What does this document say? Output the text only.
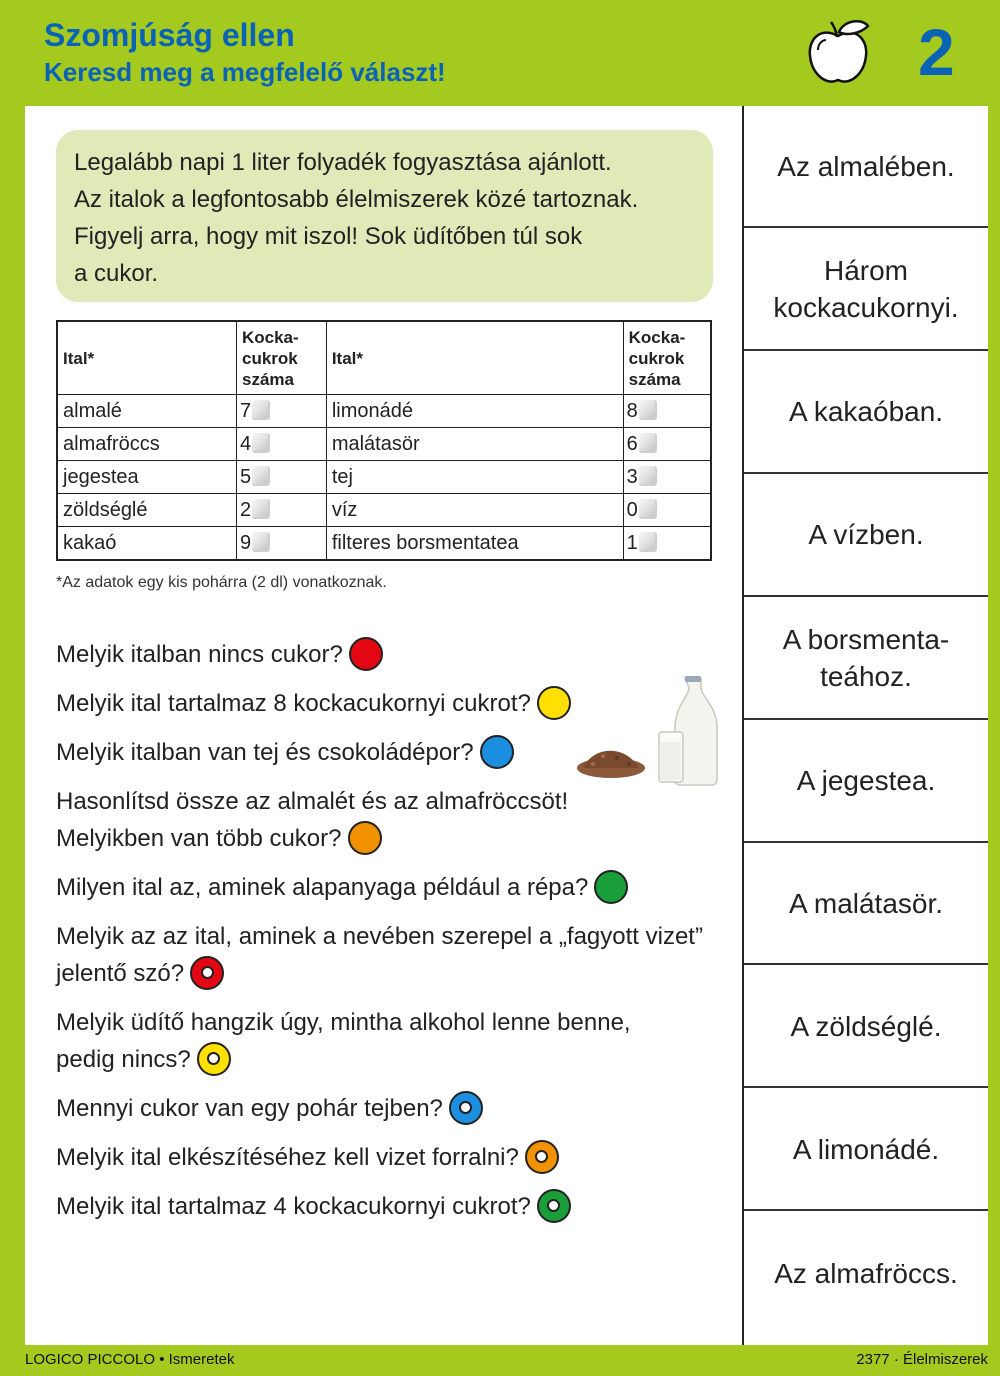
Szomjúság ellen
Keresd meg a megfelelő választ!	2
Legalább napi 1 liter folyadék fogyasztása ajánlott.
Az italok a legfontosabb élelmiszerek közé tartoznak.
Figyelj arra, hogy mit iszol! Sok üdítőben túl sok
a cukor.
Ital*	Kocka-
cukrok
száma	Ital*	Kocka-
cukrok
száma
almalé	7	limonádé	8
almafröccs	4	malátasör	6
jegestea	5	tej	3
zöldséglé	2	víz	0
kakaó	9	filteres borsmentatea	1
*Az adatok egy kis pohárra (2 dl) vonatkoznak.
Melyik italban nincs cukor?
Melyik ital tartalmaz 8 kockacukornyi cukrot?
Melyik italban van tej és csokoládépor?
Hasonlítsd össze az almalét és az almafröccsöt!
Melyikben van több cukor?
Milyen ital az, aminek alapanyaga például a répa?
Melyik az az ital, aminek a nevében szerepel a „fagyott vizet”
jelentő szó?
Melyik üdítő hangzik úgy, mintha alkohol lenne benne,
pedig nincs?
Mennyi cukor van egy pohár tejben?
Melyik ital elkészítéséhez kell vizet forralni?
Melyik ital tartalmaz 4 kockacukornyi cukrot?
Az almalében.
Három
kockacukornyi.
A kakaóban.
A vízben.
A borsmenta-
teához.
A jegestea.
A malátasör.
A zöldséglé.
A limonádé.
Az almafröccs.
LOGICO PICCOLO • Ismeretek	2377 · Élelmiszerek
